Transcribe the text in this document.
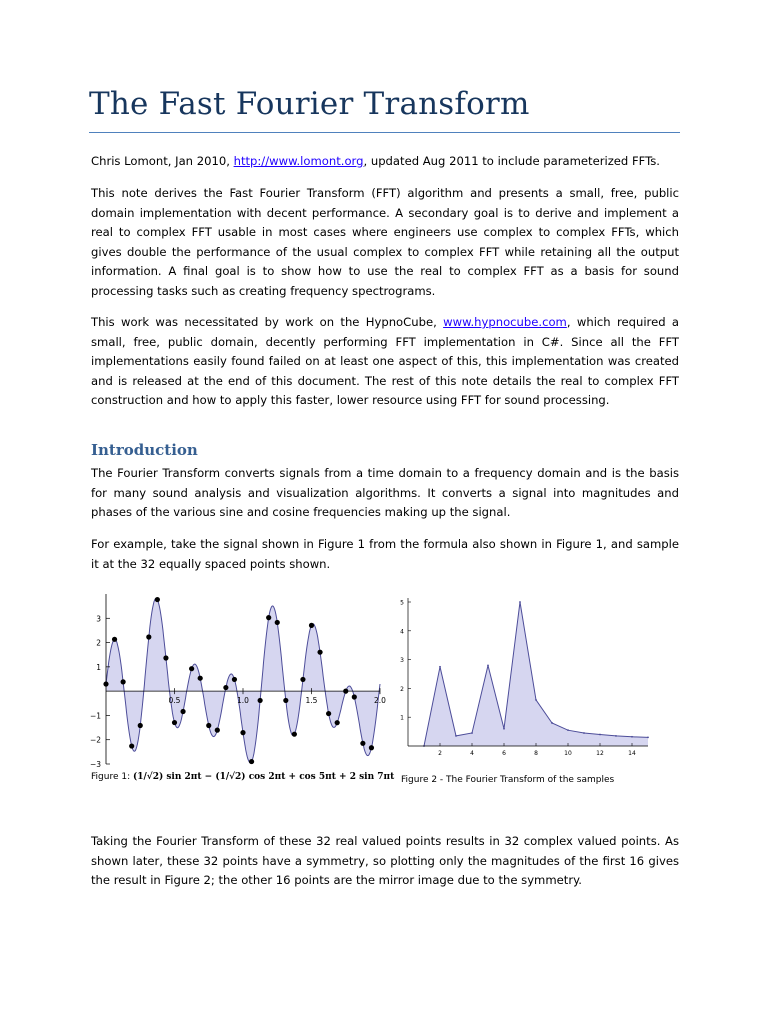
The Fast Fourier Transform

Chris Lomont, Jan 2010, http://www.lomont.org, updated Aug 2011 to include parameterized FFTs.

This note derives the Fast Fourier Transform (FFT) algorithm and presents a small, free, public domain implementation with decent performance. A secondary goal is to derive and implement a real to complex FFT usable in most cases where engineers use complex to complex FFTs, which gives double the performance of the usual complex to complex FFT while retaining all the output information. A final goal is to show how to use the real to complex FFT as a basis for sound processing tasks such as creating frequency spectrograms.

This work was necessitated by work on the HypnoCube, www.hypnocube.com, which required a small, free, public domain, decently performing FFT implementation in C#. Since all the FFT implementations easily found failed on at least one aspect of this, this implementation was created and is released at the end of this document. The rest of this note details the real to complex FFT construction and how to apply this faster, lower resource using FFT for sound processing.

Introduction

The Fourier Transform converts signals from a time domain to a frequency domain and is the basis for many sound analysis and visualization algorithms. It converts a signal into magnitudes and phases of the various sine and cosine frequencies making up the signal.

For example, take the signal shown in Figure 1 from the formula also shown in Figure 1, and sample it at the 32 equally spaced points shown.

−3
−2
−1
1
2
3
0.5	1.0	1.5	2.0
1
2
3
4
5
2	4	6	8	10	12	14
Figure 1: (1/√2) sin 2πt − (1/√2) cos 2πt + cos 5πt + 2 sin 7πt Figure 2 - The Fourier Transform of the samples

Taking the Fourier Transform of these 32 real valued points results in 32 complex valued points. As shown later, these 32 points have a symmetry, so plotting only the magnitudes of the first 16 gives the result in Figure 2; the other 16 points are the mirror image due to the symmetry.
